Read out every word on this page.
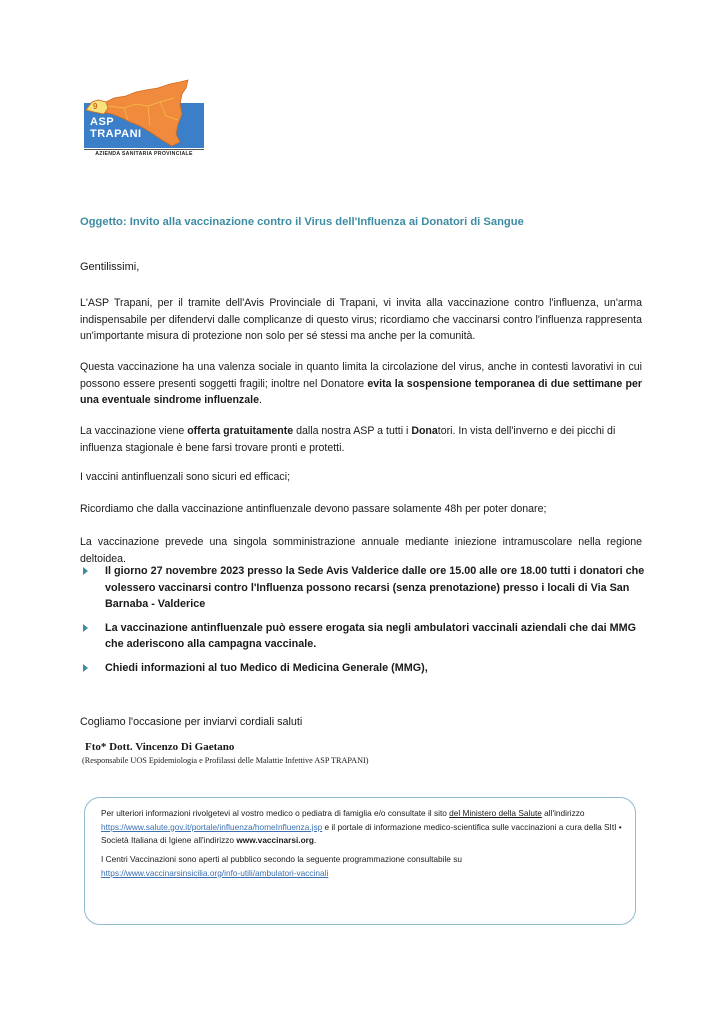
9
ASP
TRAPANI
AZIENDA SANITARIA PROVINCIALE
Oggetto: Invito alla vaccinazione contro il Virus dell'Influenza ai Donatori di Sangue
Gentilissimi,
L'ASP Trapani, per il tramite dell'Avis Provinciale di Trapani, vi invita alla vaccinazione contro l'influenza, un'arma indispensabile per difendervi dalle complicanze di questo virus; ricordiamo che vaccinarsi contro l'influenza rappresenta un'importante misura di protezione non solo per sé stessi ma anche per la comunità.
Questa vaccinazione ha una valenza sociale in quanto limita la circolazione del virus, anche in contesti lavorativi in cui possono essere presenti soggetti fragili; inoltre nel Donatore evita la sospensione temporanea di due settimane per una eventuale sindrome influenzale.
La vaccinazione viene offerta gratuitamente dalla nostra ASP a tutti i Donatori. In vista dell'inverno e dei picchi di influenza stagionale è bene farsi trovare pronti e protetti.
I vaccini antinfluenzali sono sicuri ed efficaci;
Ricordiamo che dalla vaccinazione antinfluenzale devono passare solamente 48h per poter donare;
La vaccinazione prevede una singola somministrazione annuale mediante iniezione intramuscolare nella regione deltoidea.
Il giorno 27 novembre 2023 presso la Sede Avis Valderice dalle ore 15.00 alle ore 18.00 tutti i donatori che volessero vaccinarsi contro l'Influenza possono recarsi (senza prenotazione) presso i locali di Via San Barnaba - Valderice
La vaccinazione antinfluenzale può essere erogata sia negli ambulatori vaccinali aziendali che dai MMG che aderiscono alla campagna vaccinale.
Chiedi informazioni al tuo Medico di Medicina Generale (MMG),
Cogliamo l'occasione per inviarvi cordiali saluti
Fto* Dott. Vincenzo Di Gaetano
(Responsabile UOS Epidemiologia e Profilassi delle Malattie Infettive ASP TRAPANI)
Per ulteriori informazioni rivolgetevi al vostro medico o pediatra di famiglia e/o consultate il sito del Ministero della Salute all'indirizzo https://www.salute.gov.it/portale/influenza/homeInfluenza.jsp e il portale di informazione medico-scientifica sulle vaccinazioni a cura della SItI • Società Italiana di Igiene all'indirizzo www.vaccinarsi.org.
I Centri Vaccinazioni sono aperti al pubblico secondo la seguente programmazione consultabile su
https://www.vaccinarsinsicilia.org/info-utili/ambulatori-vaccinali
